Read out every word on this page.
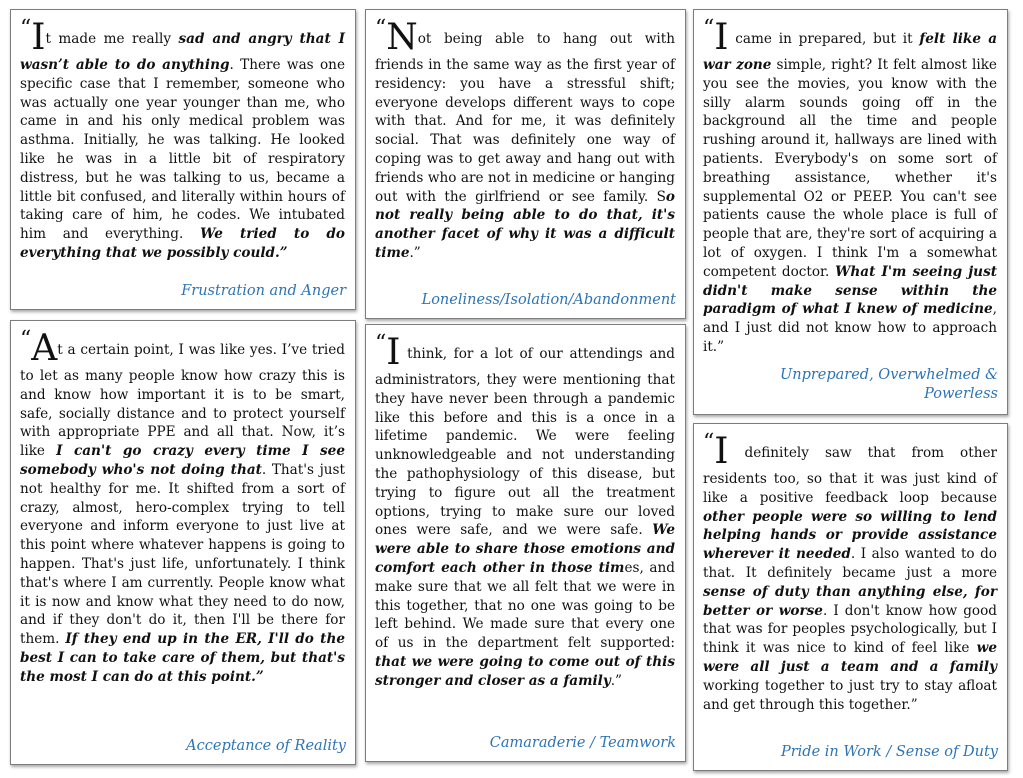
“It made me really sad and angry that I wasn’t able to do anything. There was one specific case that I remember, someone who was actually one year younger than me, who came in and his only medical problem was asthma. Initially, he was talking. He looked like he was in a little bit of respiratory distress, but he was talking to us, became a little bit confused, and literally within hours of taking care of him, he codes. We intubated him and everything. We tried to do everything that we possibly could.”

Frustration and Anger

“At a certain point, I was like yes. I’ve tried to let as many people know how crazy this is and know how important it is to be smart, safe, socially distance and to protect yourself with appropriate PPE and all that. Now, it’s like I can't go crazy every time I see somebody who's not doing that. That's just not healthy for me. It shifted from a sort of crazy, almost, hero-complex trying to tell everyone and inform everyone to just live at this point where whatever happens is going to happen. That's just life, unfortunately. I think that's where I am currently. People know what it is now and know what they need to do now, and if they don't do it, then I'll be there for them. If they end up in the ER, I'll do the best I can to take care of them, but that's the most I can do at this point.”

Acceptance of Reality

“Not being able to hang out with friends in the same way as the first year of residency: you have a stressful shift; everyone develops different ways to cope with that. And for me, it was definitely social. That was definitely one way of coping was to get away and hang out with friends who are not in medicine or hanging out with the girlfriend or see family. So not really being able to do that, it's another facet of why it was a difficult time.”

Loneliness/Isolation/Abandonment

“I think, for a lot of our attendings and administrators, they were mentioning that they have never been through a pandemic like this before and this is a once in a lifetime pandemic. We were feeling unknowledgeable and not understanding the pathophysiology of this disease, but trying to figure out all the treatment options, trying to make sure our loved ones were safe, and we were safe. We were able to share those emotions and comfort each other in those times, and make sure that we all felt that we were in this together, that no one was going to be left behind. We made sure that every one of us in the department felt supported: that we were going to come out of this stronger and closer as a family.”

Camaraderie / Teamwork

“I came in prepared, but it felt like a war zone simple, right? It felt almost like you see the movies, you know with the silly alarm sounds going off in the background all the time and people rushing around it, hallways are lined with patients. Everybody's on some sort of breathing assistance, whether it's supplemental O2 or PEEP. You can't see patients cause the whole place is full of people that are, they're sort of acquiring a lot of oxygen. I think I'm a somewhat competent doctor. What I'm seeing just didn't make sense within the paradigm of what I knew of medicine, and I just did not know how to approach it.”

Unprepared, Overwhelmed & Powerless

“I definitely saw that from other residents too, so that it was just kind of like a positive feedback loop because other people were so willing to lend helping hands or provide assistance wherever it needed. I also wanted to do that. It definitely became just a more sense of duty than anything else, for better or worse. I don't know how good that was for peoples psychologically, but I think it was nice to kind of feel like we were all just a team and a family working together to just try to stay afloat and get through this together.”

Pride in Work / Sense of Duty
